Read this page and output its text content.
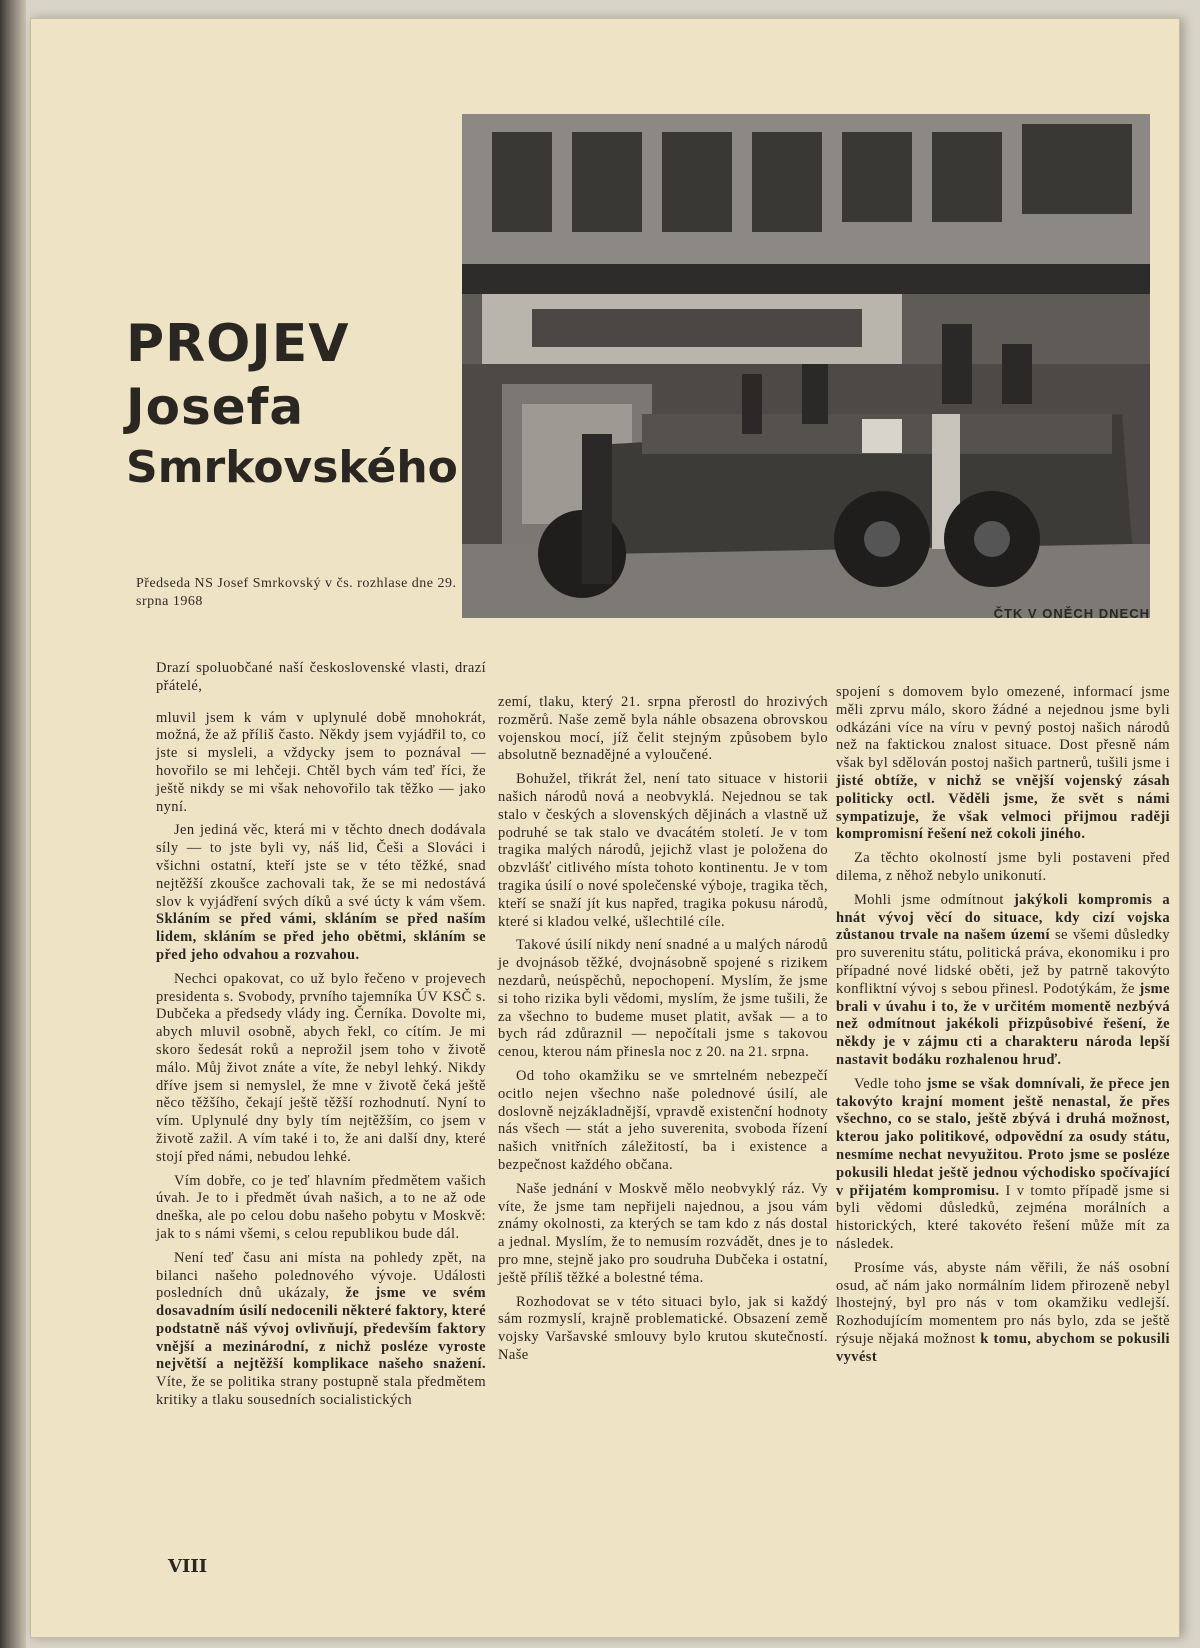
PROJEV
Josefa
Smrkovského
Předseda NS Josef Smrkovský v čs. rozhlase dne 29. srpna 1968
ČTK V ONĚCH DNECH

Drazí spoluobčané naší československé vlasti, drazí přátelé,

mluvil jsem k vám v uplynulé době mnohokrát, možná, že až příliš často. Někdy jsem vyjádřil to, co jste si mysleli, a vždycky jsem to poznával — hovořilo se mi lehčeji. Chtěl bych vám teď říci, že ještě nikdy se mi však nehovořilo tak těžko — jako nyní.

Jen jediná věc, která mi v těchto dnech dodávala síly — to jste byli vy, náš lid, Češi a Slováci i všichni ostatní, kteří jste se v této těžké, snad nejtěžší zkoušce zachovali tak, že se mi nedostává slov k vyjádření svých díků a své úcty k vám všem. Skláním se před vámi, skláním se před naším lidem, skláním se před jeho obětmi, skláním se před jeho odvahou a rozvahou.

Nechci opakovat, co už bylo řečeno v projevech presidenta s. Svobody, prvního tajemníka ÚV KSČ s. Dubčeka a předsedy vlády ing. Černíka. Dovolte mi, abych mluvil osobně, abych řekl, co cítím. Je mi skoro šedesát roků a neprožil jsem toho v životě málo. Můj život znáte a víte, že nebyl lehký. Nikdy dříve jsem si nemyslel, že mne v životě čeká ještě něco těžšího, čekají ještě těžší rozhodnutí. Nyní to vím. Uplynulé dny byly tím nejtěžším, co jsem v životě zažil. A vím také i to, že ani další dny, které stojí před námi, nebudou lehké.

Vím dobře, co je teď hlavním předmětem vašich úvah. Je to i předmět úvah našich, a to ne až ode dneška, ale po celou dobu našeho pobytu v Moskvě: jak to s námi všemi, s celou republikou bude dál.

Není teď času ani místa na pohledy zpět, na bilanci našeho polednového vývoje. Události posledních dnů ukázaly, že jsme ve svém dosavadním úsilí nedocenili některé faktory, které podstatně náš vývoj ovlivňují, především faktory vnější a mezinárodní, z nichž posléze vyroste největší a nejtěžší komplikace našeho snažení. Víte, že se politika strany postupně stala předmětem kritiky a tlaku sousedních socialistických

zemí, tlaku, který 21. srpna přerostl do hrozivých rozměrů. Naše země byla náhle obsazena obrovskou vojenskou mocí, jíž čelit stejným způsobem bylo absolutně beznadějné a vyloučené.

Bohužel, třikrát žel, není tato situace v historii našich národů nová a neobvyklá. Nejednou se tak stalo v českých a slovenských dějinách a vlastně už podruhé se tak stalo ve dvacátém století. Je v tom tragika malých národů, jejichž vlast je položena do obzvlášť citlivého místa tohoto kontinentu. Je v tom tragika úsilí o nové společenské výboje, tragika těch, kteří se snaží jít kus napřed, tragika pokusu národů, které si kladou velké, ušlechtilé cíle.

Takové úsilí nikdy není snadné a u malých národů je dvojnásob těžké, dvojnásobně spojené s rizikem nezdarů, neúspěchů, nepochopení. Myslím, že jsme si toho rizika byli vědomi, myslím, že jsme tušili, že za všechno to budeme muset platit, avšak — a to bych rád zdůraznil — nepočítali jsme s takovou cenou, kterou nám přinesla noc z 20. na 21. srpna.

Od toho okamžiku se ve smrtelném nebezpečí ocitlo nejen všechno naše polednové úsilí, ale doslovně nejzákladnější, vpravdě existenční hodnoty nás všech — stát a jeho suverenita, svoboda řízení našich vnitřních záležitostí, ba i existence a bezpečnost každého občana.

Naše jednání v Moskvě mělo neobvyklý ráz. Vy víte, že jsme tam nepřijeli najednou, a jsou vám známy okolnosti, za kterých se tam kdo z nás dostal a jednal. Myslím, že to nemusím rozvádět, dnes je to pro mne, stejně jako pro soudruha Dubčeka i ostatní, ještě příliš těžké a bolestné téma.

Rozhodovat se v této situaci bylo, jak si každý sám rozmyslí, krajně problematické. Obsazení země vojsky Varšavské smlouvy bylo krutou skutečností. Naše

spojení s domovem bylo omezené, informací jsme měli zprvu málo, skoro žádné a nejednou jsme byli odkázáni více na víru v pevný postoj našich národů než na faktickou znalost situace. Dost přesně nám však byl sdělován postoj našich partnerů, tušili jsme i jisté obtíže, v nichž se vnější vojenský zásah politicky octl. Věděli jsme, že svět s námi sympatizuje, že však velmoci přijmou raději kompromisní řešení než cokoli jiného.

Za těchto okolností jsme byli postaveni před dilema, z něhož nebylo unikonutí.

Mohli jsme odmítnout jakýkoli kompromis a hnát vývoj věcí do situace, kdy cizí vojska zůstanou trvale na našem území se všemi důsledky pro suverenitu státu, politická práva, ekonomiku i pro případné nové lidské oběti, jež by patrně takovýto konfliktní vývoj s sebou přinesl. Podotýkám, že jsme brali v úvahu i to, že v určitém momentě nezbývá než odmítnout jakékoli přizpůsobivé řešení, že někdy je v zájmu cti a charakteru národa lepší nastavit bodáku rozhalenou hruď.

Vedle toho jsme se však domnívali, že přece jen takovýto krajní moment ještě nenastal, že přes všechno, co se stalo, ještě zbývá i druhá možnost, kterou jako politikové, odpovědní za osudy státu, nesmíme nechat nevyužitou. Proto jsme se posléze pokusili hledat ještě jednou východisko spočívající v přijatém kompromisu. I v tomto případě jsme si byli vědomi důsledků, zejména morálních a historických, které takovéto řešení může mít za následek.

Prosíme vás, abyste nám věřili, že náš osobní osud, ač nám jako normálním lidem přirozeně nebyl lhostejný, byl pro nás v tom okamžiku vedlejší. Rozhodujícím momentem pro nás bylo, zda se ještě rýsuje nějaká možnost k tomu, abychom se pokusili vyvést

VIII
